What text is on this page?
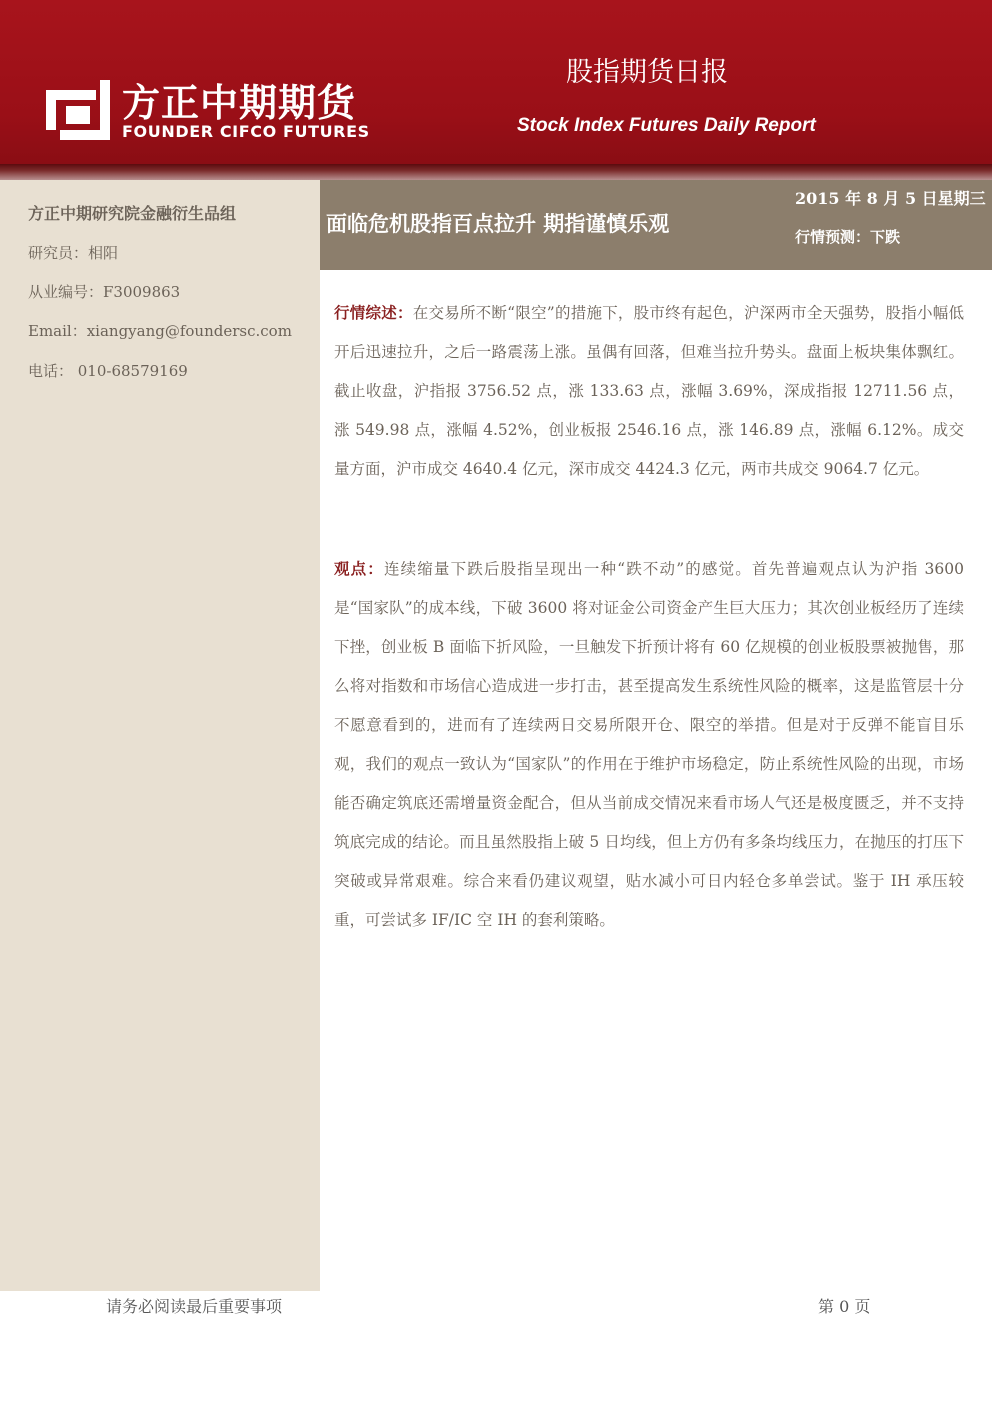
方正中期期货
FOUNDER CIFCO FUTURES
股指期货日报
Stock Index Futures Daily Report
方正中期研究院金融衍生品组
研究员：相阳
从业编号：F3009863
Email：xiangyang@foundersc.com
电话： 010-68579169
面临危机股指百点拉升 期指谨慎乐观
2015 年 8 月 5 日星期三
行情预测：下跌

行情综述：在交易所不断“限空”的措施下，股市终有起色，沪深两市全天强势，股指小幅低开后迅速拉升，之后一路震荡上涨。虽偶有回落，但难当拉升势头。盘面上板块集体飘红。截止收盘，沪指报 3756.52 点，涨 133.63 点，涨幅 3.69%，深成指报 12711.56 点，涨 549.98 点，涨幅 4.52%，创业板报 2546.16 点，涨 146.89 点，涨幅 6.12%。成交量方面，沪市成交 4640.4 亿元，深市成交 4424.3 亿元，两市共成交 9064.7 亿元。

观点：连续缩量下跌后股指呈现出一种“跌不动”的感觉。首先普遍观点认为沪指 3600 是“国家队”的成本线，下破 3600 将对证金公司资金产生巨大压力；其次创业板经历了连续下挫，创业板 B 面临下折风险，一旦触发下折预计将有 60 亿规模的创业板股票被抛售，那么将对指数和市场信心造成进一步打击，甚至提高发生系统性风险的概率，这是监管层十分不愿意看到的，进而有了连续两日交易所限开仓、限空的举措。但是对于反弹不能盲目乐观，我们的观点一致认为“国家队”的作用在于维护市场稳定，防止系统性风险的出现，市场能否确定筑底还需增量资金配合，但从当前成交情况来看市场人气还是极度匮乏，并不支持筑底完成的结论。而且虽然股指上破 5 日均线，但上方仍有多条均线压力，在抛压的打压下突破或异常艰难。综合来看仍建议观望，贴水减小可日内轻仓多单尝试。鉴于 IH 承压较重，可尝试多 IF/IC 空 IH 的套利策略。

请务必阅读最后重要事项	第 0 页
